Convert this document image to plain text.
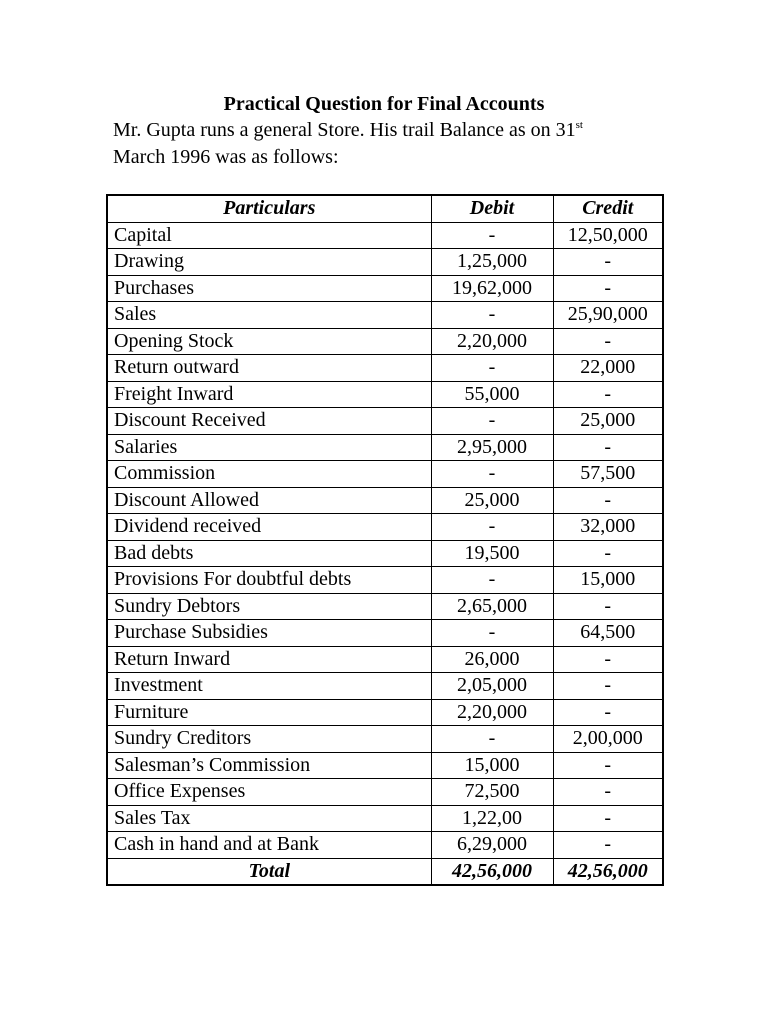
Practical Question for Final Accounts
Mr. Gupta runs a general Store. His trail Balance as on 31st
March 1996 was as follows:
Particulars	Debit	Credit
Capital	-	12,50,000
Drawing	1,25,000	-
Purchases	19,62,000	-
Sales	-	25,90,000
Opening Stock	2,20,000	-
Return outward	-	22,000
Freight Inward	55,000	-
Discount Received	-	25,000
Salaries	2,95,000	-
Commission	-	57,500
Discount Allowed	25,000	-
Dividend received	-	32,000
Bad debts	19,500	-
Provisions For doubtful debts	-	15,000
Sundry Debtors	2,65,000	-
Purchase Subsidies	-	64,500
Return Inward	26,000	-
Investment	2,05,000	-
Furniture	2,20,000	-
Sundry Creditors	-	2,00,000
Salesman’s Commission	15,000	-
Office Expenses	72,500	-
Sales Tax	1,22,00	-
Cash in hand and at Bank	6,29,000	-
Total	42,56,000	42,56,000
